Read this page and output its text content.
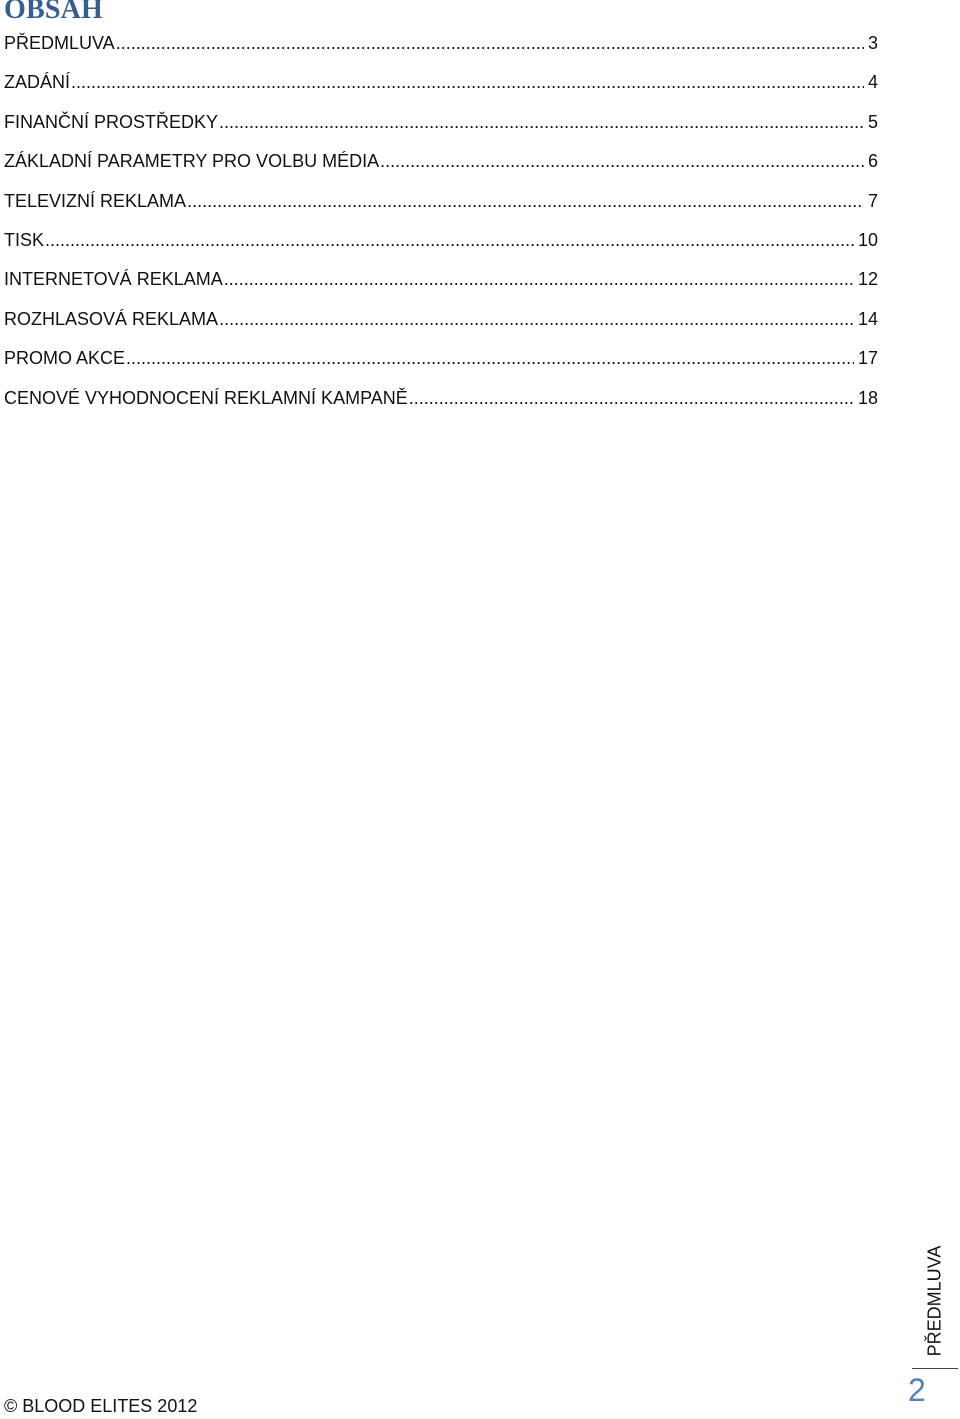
OBSAH
PŘEDMLUVA .....	3
ZADÁNÍ .....	4
FINANČNÍ PROSTŘEDKY .....	5
ZÁKLADNÍ PARAMETRY PRO VOLBU MÉDIA .....	6
TELEVIZNÍ REKLAMA .....	7
TISK .....	10
INTERNETOVÁ REKLAMA .....	12
ROZHLASOVÁ REKLAMA .....	14
PROMO AKCE .....	17
CENOVÉ VYHODNOCENÍ REKLAMNÍ KAMPANĚ .....	18
PŘEDMLUVA
2
© BLOOD ELITES 2012
